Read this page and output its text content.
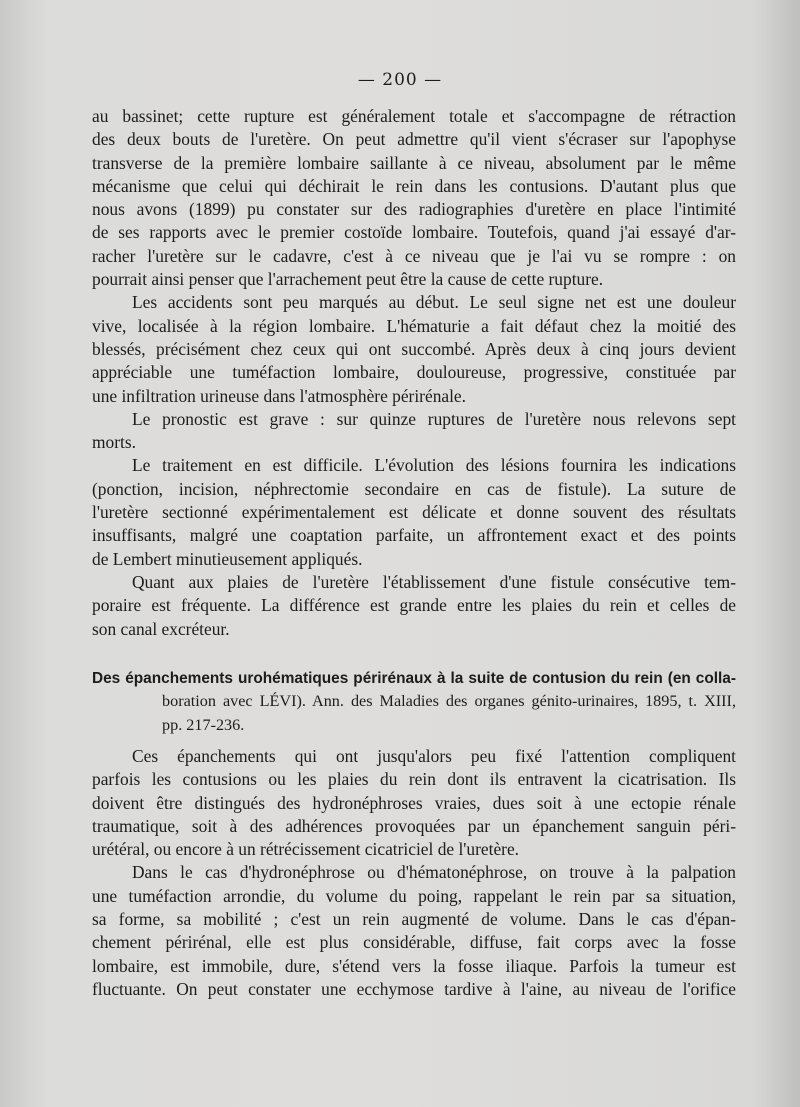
— 200 —
au bassinet; cette rupture est généralement totale et s'accompagne de rétraction
des deux bouts de l'uretère. On peut admettre qu'il vient s'écraser sur l'apophyse
transverse de la première lombaire saillante à ce niveau, absolument par le même
mécanisme que celui qui déchirait le rein dans les contusions. D'autant plus que
nous avons (1899) pu constater sur des radiographies d'uretère en place l'intimité
de ses rapports avec le premier costoïde lombaire. Toutefois, quand j'ai essayé d'ar-
racher l'uretère sur le cadavre, c'est à ce niveau que je l'ai vu se rompre : on
pourrait ainsi penser que l'arrachement peut être la cause de cette rupture.
Les accidents sont peu marqués au début. Le seul signe net est une douleur
vive, localisée à la région lombaire. L'hématurie a fait défaut chez la moitié des
blessés, précisément chez ceux qui ont succombé. Après deux à cinq jours devient
appréciable une tuméfaction lombaire, douloureuse, progressive, constituée par
une infiltration urineuse dans l'atmosphère périrénale.
Le pronostic est grave : sur quinze ruptures de l'uretère nous relevons sept
morts.
Le traitement en est difficile. L'évolution des lésions fournira les indications
(ponction, incision, néphrectomie secondaire en cas de fistule). La suture de
l'uretère sectionné expérimentalement est délicate et donne souvent des résultats
insuffisants, malgré une coaptation parfaite, un affrontement exact et des points
de Lembert minutieusement appliqués.
Quant aux plaies de l'uretère l'établissement d'une fistule consécutive tem-
poraire est fréquente. La différence est grande entre les plaies du rein et celles de
son canal excréteur.
Des épanchements urohématiques périrénaux à la suite de contusion du rein (en colla-
boration avec LÉVI). Ann. des Maladies des organes génito-urinaires, 1895, t. XIII,
pp. 217-236.
Ces épanchements qui ont jusqu'alors peu fixé l'attention compliquent
parfois les contusions ou les plaies du rein dont ils entravent la cicatrisation. Ils
doivent être distingués des hydronéphroses vraies, dues soit à une ectopie rénale
traumatique, soit à des adhérences provoquées par un épanchement sanguin péri-
urétéral, ou encore à un rétrécissement cicatriciel de l'uretère.
Dans le cas d'hydronéphrose ou d'hématonéphrose, on trouve à la palpation
une tuméfaction arrondie, du volume du poing, rappelant le rein par sa situation,
sa forme, sa mobilité ; c'est un rein augmenté de volume. Dans le cas d'épan-
chement périrénal, elle est plus considérable, diffuse, fait corps avec la fosse
lombaire, est immobile, dure, s'étend vers la fosse iliaque. Parfois la tumeur est
fluctuante. On peut constater une ecchymose tardive à l'aine, au niveau de l'orifice
